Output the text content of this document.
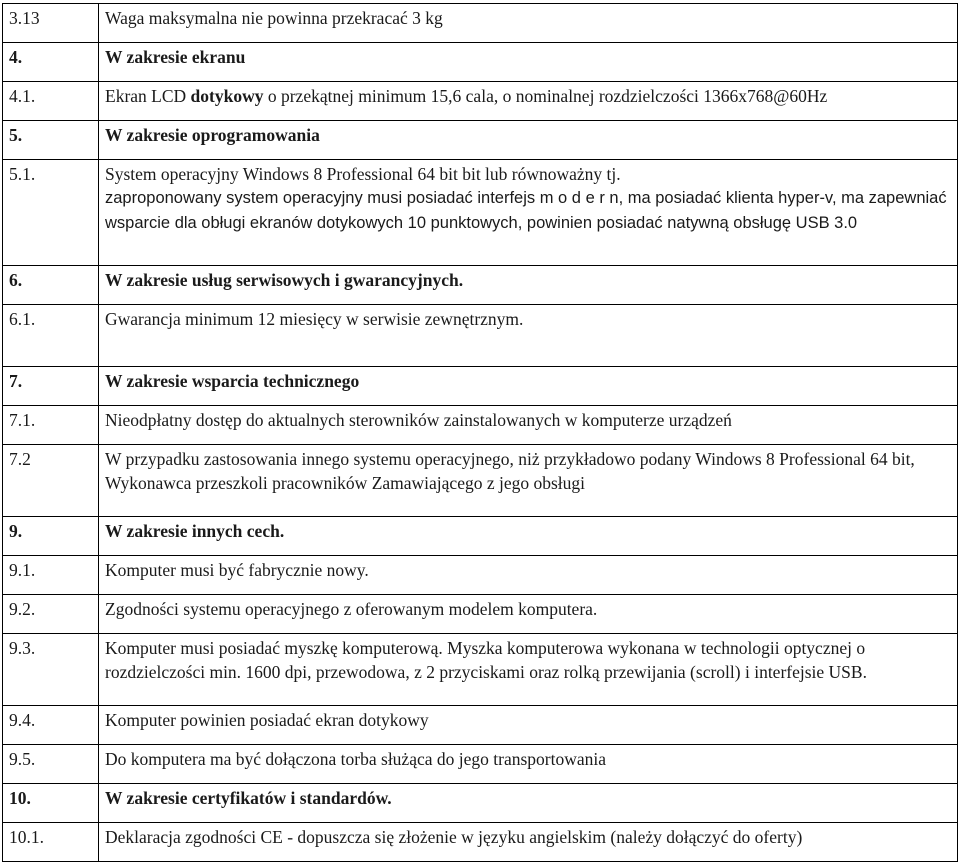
3.13	Waga maksymalna nie powinna przekracać 3 kg
4.	W zakresie ekranu
4.1.	Ekran LCD dotykowy o przekątnej minimum 15,6 cala, o nominalnej rozdzielczości 1366x768@60Hz
5.	W zakresie oprogramowania
5.1.	System operacyjny Windows 8 Professional 64 bit bit lub równoważny tj.
zaproponowany system operacyjny musi posiadać interfejs m o d e r n, ma posiadać klienta hyper-v, ma zapewniać wsparcie dla obługi ekranów dotykowych 10 punktowych, powinien posiadać natywną obsługę USB 3.0

6.	W zakresie usług serwisowych i gwarancyjnych.
6.1.	Gwarancja minimum 12 miesięcy w serwisie zewnętrznym.
7.	W zakresie wsparcia technicznego
7.1.	Nieodpłatny dostęp do aktualnych sterowników zainstalowanych w komputerze urządzeń
7.2	W przypadku zastosowania innego systemu operacyjnego, niż przykładowo podany Windows 8 Professional 64 bit, Wykonawca przeszkoli pracowników Zamawiającego z jego obsługi
9.	W zakresie innych cech.
9.1.	Komputer musi być fabrycznie nowy.
9.2.	Zgodności systemu operacyjnego z oferowanym modelem komputera.
9.3.	Komputer musi posiadać myszkę komputerową. Myszka komputerowa wykonana w technologii optycznej o rozdzielczości min. 1600 dpi, przewodowa, z 2 przyciskami oraz rolką przewijania (scroll) i interfejsie USB.
9.4.	Komputer powinien posiadać ekran dotykowy
9.5.	Do komputera ma być dołączona torba służąca do jego transportowania
10.	W zakresie certyfikatów i standardów.
10.1.	Deklaracja zgodności CE - dopuszcza się złożenie w języku angielskim (należy dołączyć do oferty)
